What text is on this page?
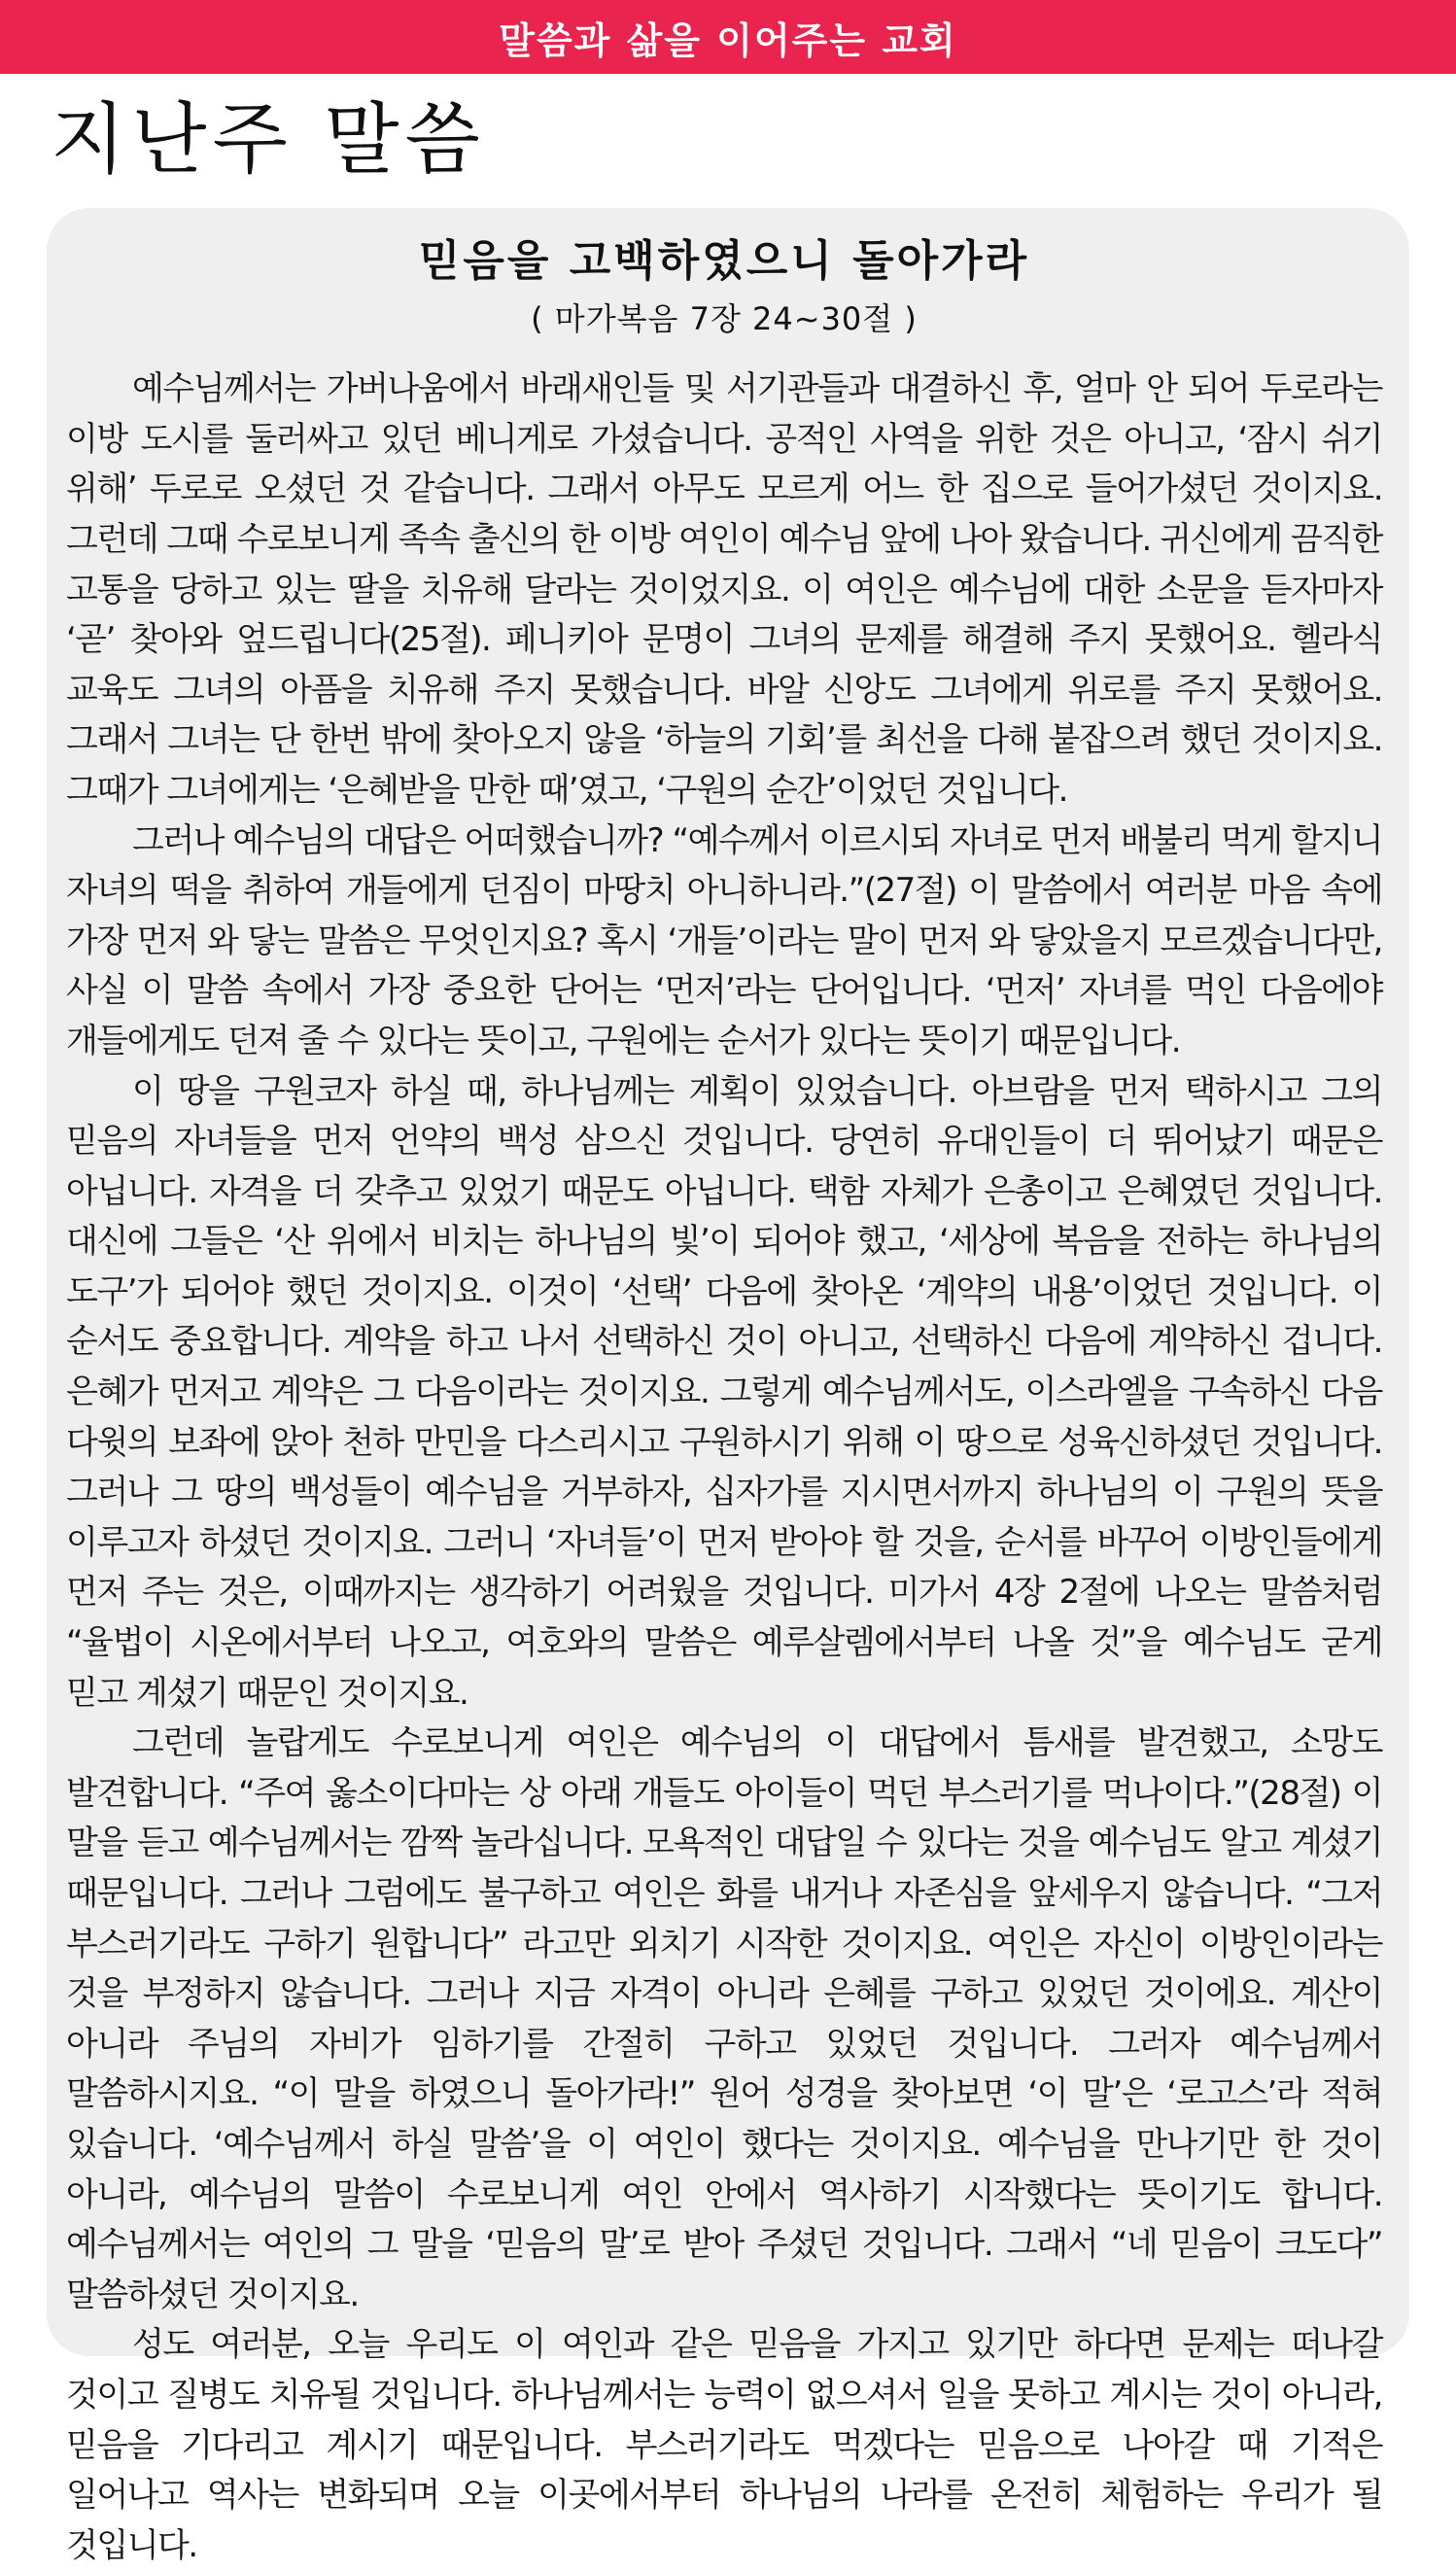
말씀과 삶을 이어주는 교회
지난주 말씀
믿음을 고백하였으니 돌아가라
( 마가복음 7장 24~30절 )

예수님께서는 가버나움에서 바래새인들 및 서기관들과 대결하신 후, 얼마 안 되어 두로라는 이방 도시를 둘러싸고 있던 베니게로 가셨습니다. 공적인 사역을 위한 것은 아니고, ‘잠시 쉬기 위해’ 두로로 오셨던 것 같습니다. 그래서 아무도 모르게 어느 한 집으로 들어가셨던 것이지요. 그런데 그때 수로보니게 족속 출신의 한 이방 여인이 예수님 앞에 나아 왔습니다. 귀신에게 끔직한 고통을 당하고 있는 딸을 치유해 달라는 것이었지요. 이 여인은 예수님에 대한 소문을 듣자마자 ‘곧’ 찾아와 엎드립니다(25절). 페니키아 문명이 그녀의 문제를 해결해 주지 못했어요. 헬라식 교육도 그녀의 아픔을 치유해 주지 못했습니다. 바알 신앙도 그녀에게 위로를 주지 못했어요. 그래서 그녀는 단 한번 밖에 찾아오지 않을 ‘하늘의 기회’를 최선을 다해 붙잡으려 했던 것이지요. 그때가 그녀에게는 ‘은혜받을 만한 때’였고, ‘구원의 순간’이었던 것입니다.

그러나 예수님의 대답은 어떠했습니까? “예수께서 이르시되 자녀로 먼저 배불리 먹게 할지니 자녀의 떡을 취하여 개들에게 던짐이 마땅치 아니하니라.”(27절) 이 말씀에서 여러분 마음 속에 가장 먼저 와 닿는 말씀은 무엇인지요? 혹시 ‘개들’이라는 말이 먼저 와 닿았을지 모르겠습니다만, 사실 이 말씀 속에서 가장 중요한 단어는 ‘먼저’라는 단어입니다. ‘먼저’ 자녀를 먹인 다음에야 개들에게도 던져 줄 수 있다는 뜻이고, 구원에는 순서가 있다는 뜻이기 때문입니다.

이 땅을 구원코자 하실 때, 하나님께는 계획이 있었습니다. 아브람을 먼저 택하시고 그의 믿음의 자녀들을 먼저 언약의 백성 삼으신 것입니다. 당연히 유대인들이 더 뛰어났기 때문은 아닙니다. 자격을 더 갖추고 있었기 때문도 아닙니다. 택함 자체가 은총이고 은혜였던 것입니다. 대신에 그들은 ‘산 위에서 비치는 하나님의 빛’이 되어야 했고, ‘세상에 복음을 전하는 하나님의 도구’가 되어야 했던 것이지요. 이것이 ‘선택’ 다음에 찾아온 ‘계약의 내용’이었던 것입니다. 이 순서도 중요합니다. 계약을 하고 나서 선택하신 것이 아니고, 선택하신 다음에 계약하신 겁니다. 은혜가 먼저고 계약은 그 다음이라는 것이지요. 그렇게 예수님께서도, 이스라엘을 구속하신 다음 다윗의 보좌에 앉아 천하 만민을 다스리시고 구원하시기 위해 이 땅으로 성육신하셨던 것입니다. 그러나 그 땅의 백성들이 예수님을 거부하자, 십자가를 지시면서까지 하나님의 이 구원의 뜻을 이루고자 하셨던 것이지요. 그러니 ‘자녀들’이 먼저 받아야 할 것을, 순서를 바꾸어 이방인들에게 먼저 주는 것은, 이때까지는 생각하기 어려웠을 것입니다. 미가서 4장 2절에 나오는 말씀처럼 “율법이 시온에서부터 나오고, 여호와의 말씀은 예루살렘에서부터 나올 것”을 예수님도 굳게 믿고 계셨기 때문인 것이지요.

그런데 놀랍게도 수로보니게 여인은 예수님의 이 대답에서 틈새를 발견했고, 소망도 발견합니다. “주여 옳소이다마는 상 아래 개들도 아이들이 먹던 부스러기를 먹나이다.”(28절) 이 말을 듣고 예수님께서는 깜짝 놀라십니다. 모욕적인 대답일 수 있다는 것을 예수님도 알고 계셨기 때문입니다. 그러나 그럼에도 불구하고 여인은 화를 내거나 자존심을 앞세우지 않습니다. “그저 부스러기라도 구하기 원합니다” 라고만 외치기 시작한 것이지요. 여인은 자신이 이방인이라는 것을 부정하지 않습니다. 그러나 지금 자격이 아니라 은혜를 구하고 있었던 것이에요. 계산이 아니라 주님의 자비가 임하기를 간절히 구하고 있었던 것입니다. 그러자 예수님께서 말씀하시지요. “이 말을 하였으니 돌아가라!” 원어 성경을 찾아보면 ‘이 말’은 ‘로고스’라 적혀 있습니다. ‘예수님께서 하실 말씀’을 이 여인이 했다는 것이지요. 예수님을 만나기만 한 것이 아니라, 예수님의 말씀이 수로보니게 여인 안에서 역사하기 시작했다는 뜻이기도 합니다. 예수님께서는 여인의 그 말을 ‘믿음의 말’로 받아 주셨던 것입니다. 그래서 “네 믿음이 크도다” 말씀하셨던 것이지요.

성도 여러분, 오늘 우리도 이 여인과 같은 믿음을 가지고 있기만 하다면 문제는 떠나갈 것이고 질병도 치유될 것입니다. 하나님께서는 능력이 없으셔서 일을 못하고 계시는 것이 아니라, 믿음을 기다리고 계시기 때문입니다. 부스러기라도 먹겠다는 믿음으로 나아갈 때 기적은 일어나고 역사는 변화되며 오늘 이곳에서부터 하나님의 나라를 온전히 체험하는 우리가 될 것입니다.
